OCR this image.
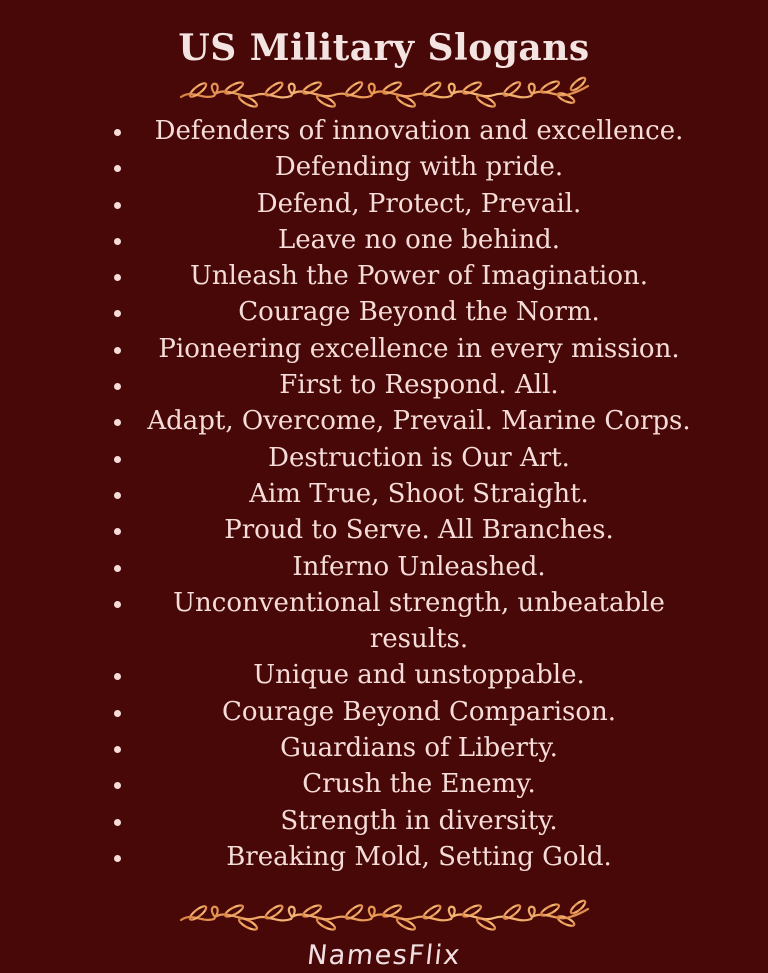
US Military Slogans
• Defenders of innovation and excellence.
• Defending with pride.
• Defend, Protect, Prevail.
• Leave no one behind.
• Unleash the Power of Imagination.
• Courage Beyond the Norm.
• Pioneering excellence in every mission.
• First to Respond. All.
• Adapt, Overcome, Prevail. Marine Corps.
• Destruction is Our Art.
• Aim True, Shoot Straight.
• Proud to Serve. All Branches.
• Inferno Unleashed.
• Unconventional strength, unbeatable results.
• Unique and unstoppable.
• Courage Beyond Comparison.
• Guardians of Liberty.
• Crush the Enemy.
• Strength in diversity.
• Breaking Mold, Setting Gold.
NamesFlix
